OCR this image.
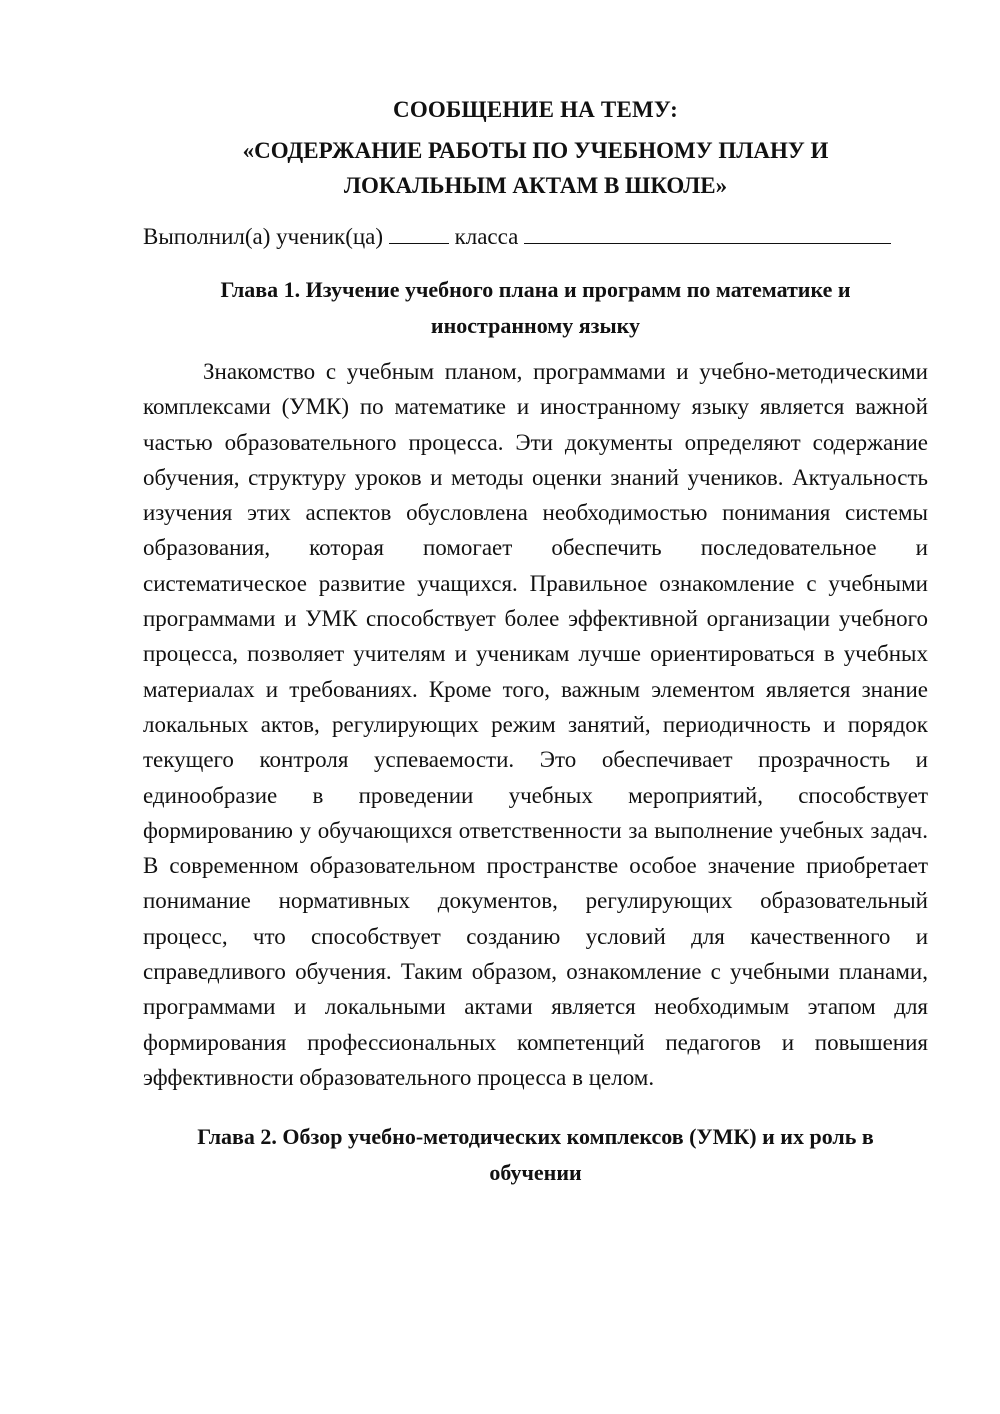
СООБЩЕНИЕ НА ТЕМУ:
«СОДЕРЖАНИЕ РАБОТЫ ПО УЧЕБНОМУ ПЛАНУ И ЛОКАЛЬНЫМ АКТАМ В ШКОЛЕ»

Выполнил(а) ученик(ца)	класса

Глава 1. Изучение учебного плана и программ по математике и иностранному языку

Знакомство с учебным планом, программами и учебно-методическими комплексами (УМК) по математике и иностранному языку является важной частью образовательного процесса. Эти документы определяют содержание обучения, структуру уроков и методы оценки знаний учеников. Актуальность изучения этих аспектов обусловлена необходимостью понимания системы образования, которая помогает обеспечить последовательное и систематическое развитие учащихся. Правильное ознакомление с учебными программами и УМК способствует более эффективной организации учебного процесса, позволяет учителям и ученикам лучше ориентироваться в учебных материалах и требованиях. Кроме того, важным элементом является знание локальных актов, регулирующих режим занятий, периодичность и порядок текущего контроля успеваемости. Это обеспечивает прозрачность и единообразие в проведении учебных мероприятий, способствует формированию у обучающихся ответственности за выполнение учебных задач. В современном образовательном пространстве особое значение приобретает понимание нормативных документов, регулирующих образовательный процесс, что способствует созданию условий для качественного и справедливого обучения. Таким образом, ознакомление с учебными планами, программами и локальными актами является необходимым этапом для формирования профессиональных компетенций педагогов и повышения эффективности образовательного процесса в целом.

Глава 2. Обзор учебно-методических комплексов (УМК) и их роль в обучении
